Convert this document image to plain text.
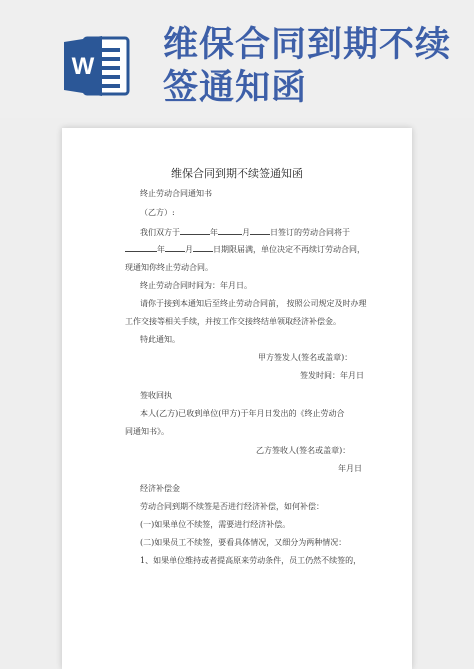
W
维保合同到期不续
签通知函
维保合同到期不续签通知函
终止劳动合同通知书
（乙方）:
我们双方于	年	月	日签订的劳动合同将于
年	月	日期限届满，单位决定不再续订劳动合同，
现通知你终止劳动合同。
终止劳动合同时间为：年月日。
请你于接到本通知后至终止劳动合同前， 按照公司规定及时办理
工作交接等相关手续，并按工作交接终结单领取经济补偿金。
特此通知。
甲方签发人(签名或盖章)：
签发时间：年月日
签收回执
本人(乙方)已收到单位(甲方)于年月日发出的《终止劳动合
同通知书》。
乙方签收人(签名或盖章)：
年月日
经济补偿金
劳动合同到期不续签是否进行经济补偿，如何补偿：
(一)如果单位不续签，需要进行经济补偿。
(二)如果员工不续签，要看具体情况，又细分为两种情况：
1、如果单位维持或者提高原来劳动条件，员工仍然不续签的，
